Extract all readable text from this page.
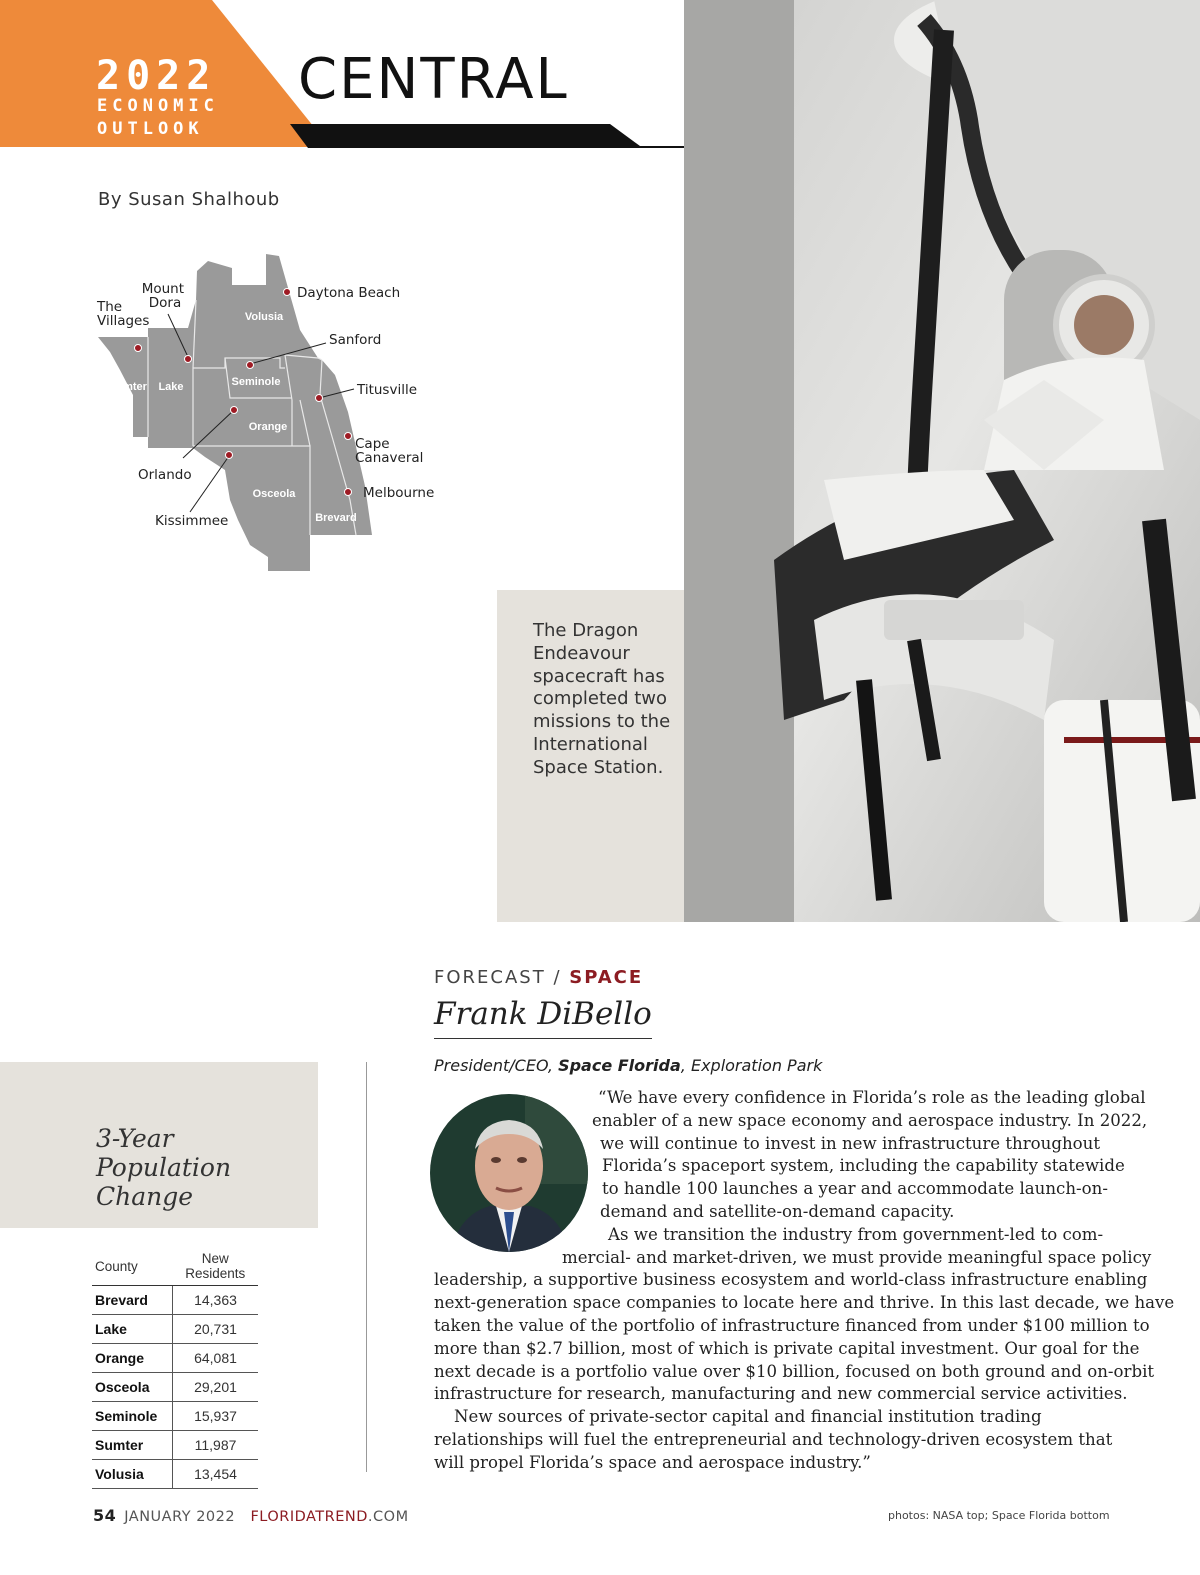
2022
ECONOMIC
OUTLOOK
CENTRAL
By Susan Shalhoub
Volusia
Sumter Lake	Seminole
Orange
Osceola
Brevard
Mount Dora
The Villages
Daytona Beach
Sanford
Titusville
Cape Canaveral
Orlando
Melbourne
Kissimmee
The Dragon Endeavour spacecraft has completed two missions to the International Space Station.
FORECAST / SPACE
Frank DiBello
President/CEO, Space Florida, Exploration Park
“We have every confidence in Florida’s role as the leading global
enabler of a new space economy and aerospace industry. In 2022,
we will continue to invest in new infrastructure throughout
Florida’s spaceport system, including the capability statewide
to handle 100 launches a year and accommodate launch-on-
demand and satellite-on-demand capacity.
As we transition the industry from government-led to com-
mercial- and market-driven, we must provide meaningful space policy
leadership, a supportive business ecosystem and world-class infrastructure enabling
next-generation space companies to locate here and thrive. In this last decade, we have
taken the value of the portfolio of infrastructure financed from under $100 million to
more than $2.7 billion, most of which is private capital investment. Our goal for the
next decade is a portfolio value over $10 billion, focused on both ground and on-orbit
infrastructure for research, manufacturing and new commercial service activities.
New sources of private-sector capital and financial institution trading
relationships will fuel the entrepreneurial and technology-driven ecosystem that
will propel Florida’s space and aerospace industry.”
3-Year
Population
Change
County	New Residents
Brevard	14,363
Lake	20,731
Orange	64,081
Osceola	29,201
Seminole	15,937
Sumter	11,987
Volusia	13,454
54 JANUARY 2022 FLORIDATREND.COM	photos: NASA top; Space Florida bottom
